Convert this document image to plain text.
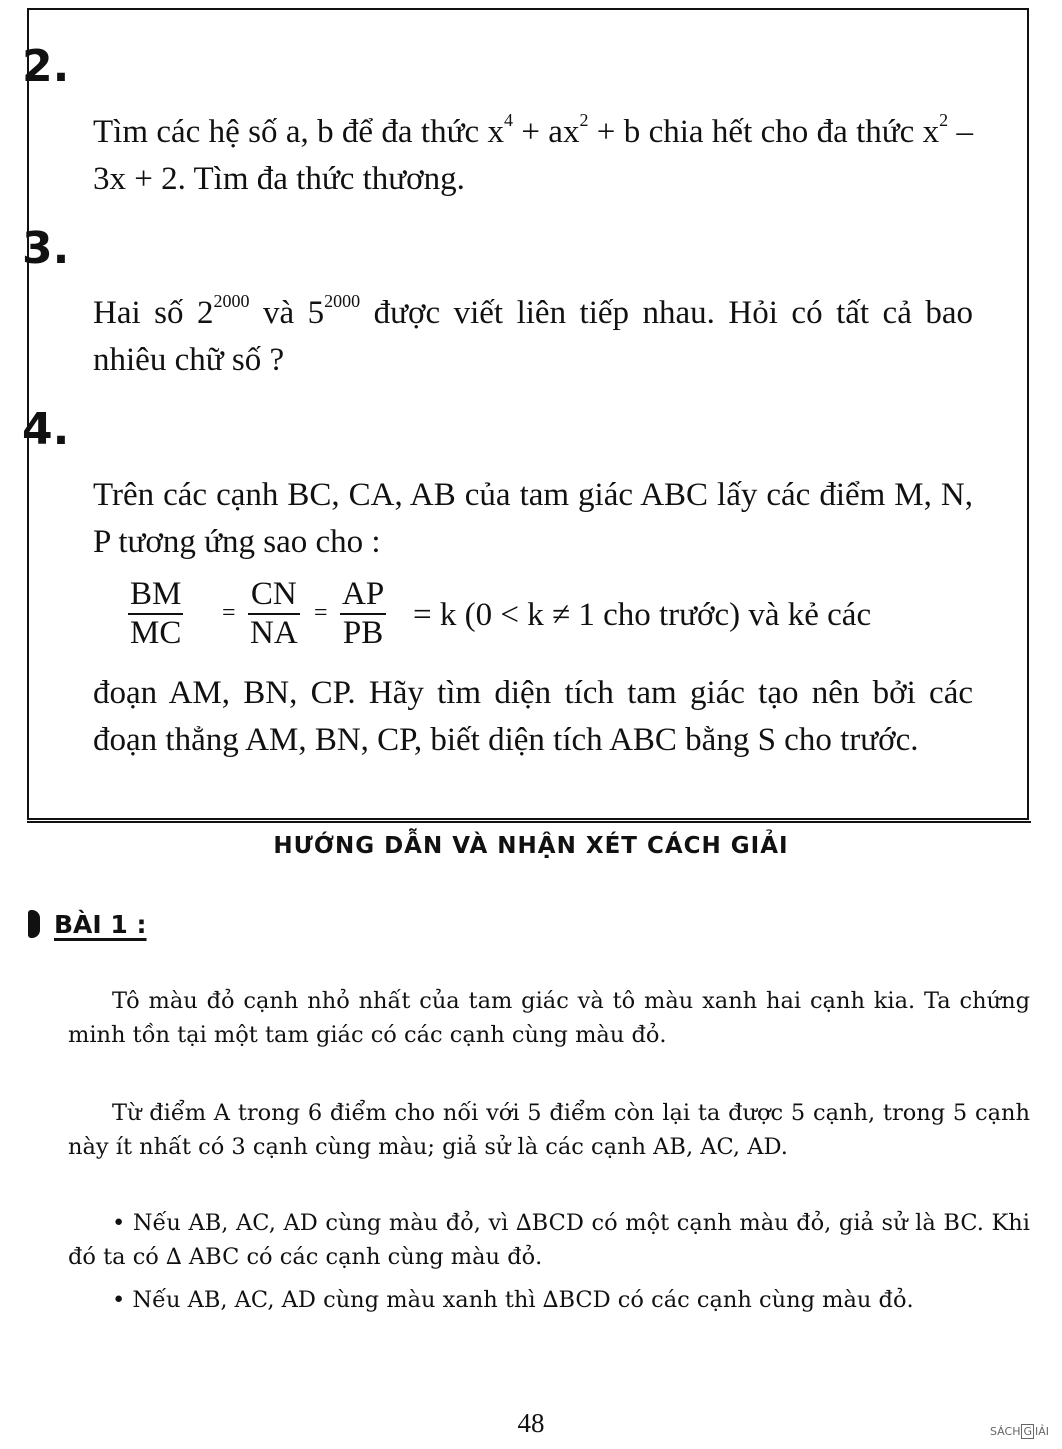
2.

Tìm các hệ số a, b để đa thức $x^4 + ax^2 + b$ chia hết cho đa thức $x^2 - 3x + 2$. Tìm đa thức thương.

3.

Hai số $2^{2000}$ và $5^{2000}$ được viết liên tiếp nhau. Hỏi có tất cả bao nhiêu chữ số ?

4.
Trên các cạnh BC, CA, AB của tam giác ABC lấy các điểm M, N, P tương ứng sao cho :
BM
MC
=
CN
NA
=
AP
PB = k (0 < k ≠ 1 cho trước) và kẻ các
đoạn AM, BN, CP. Hãy tìm diện tích tam giác tạo nên bởi các đoạn thẳng AM, BN, CP, biết diện tích ABC bằng S cho trước.
HƯỚNG DẪN VÀ NHẬN XÉT CÁCH GIẢI
BÀI 1 :

Tô màu đỏ cạnh nhỏ nhất của tam giác và tô màu xanh hai cạnh kia. Ta chứng minh tồn tại một tam giác có các cạnh cùng màu đỏ.

Từ điểm A trong 6 điểm cho nối với 5 điểm còn lại ta được 5 cạnh, trong 5 cạnh này ít nhất có 3 cạnh cùng màu; giả sử là các cạnh AB, AC, AD.

• Nếu AB, AC, AD cùng màu đỏ, vì ∆BCD có một cạnh màu đỏ, giả sử là BC. Khi đó ta có ∆ ABC có các cạnh cùng màu đỏ.

• Nếu AB, AC, AD cùng màu xanh thì ∆BCD có các cạnh cùng màu đỏ.

48	SÁCH G IẢI
